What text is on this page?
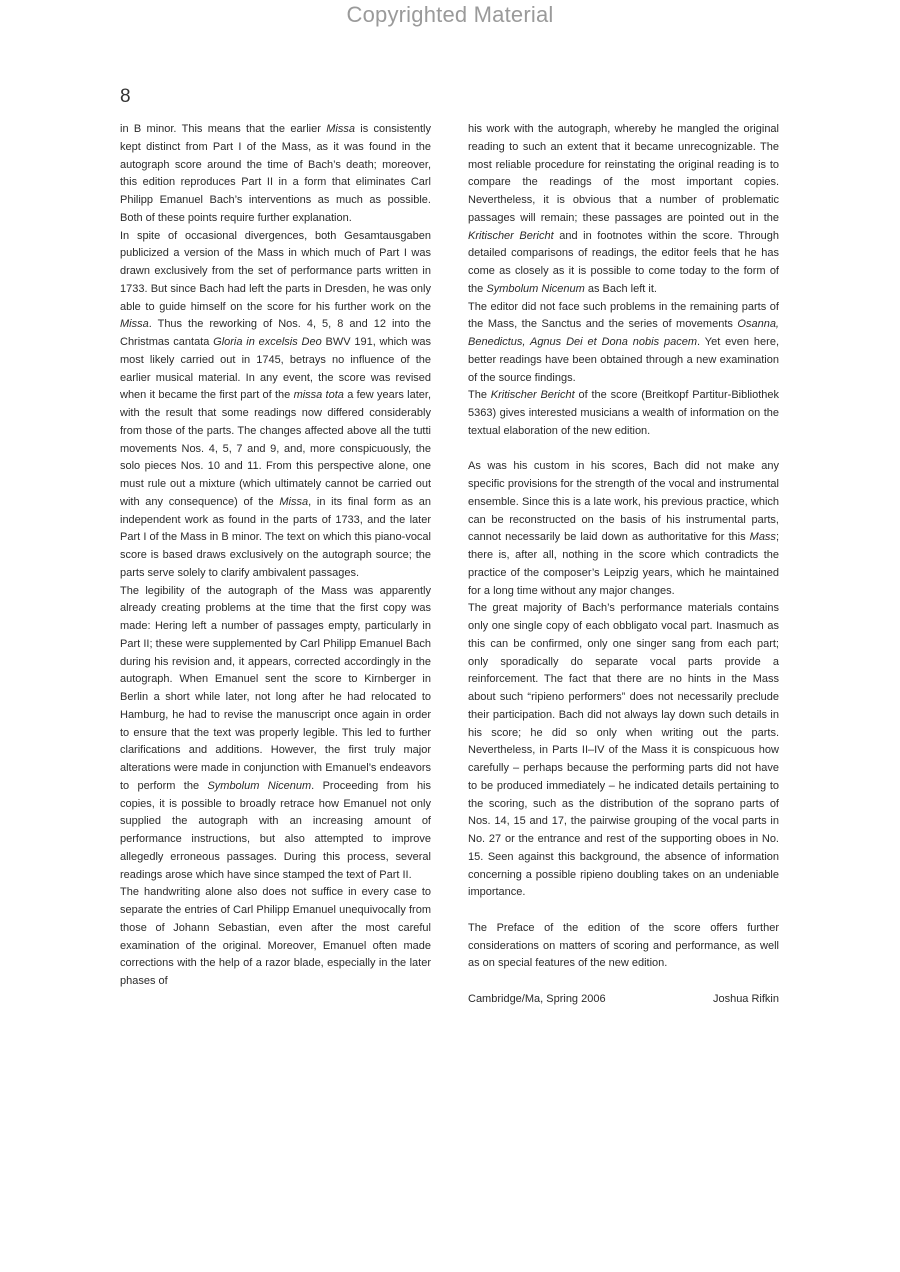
Copyrighted Material
8

in B minor. This means that the earlier Missa is consistently kept distinct from Part I of the Mass, as it was found in the autograph score around the time of Bach’s death; moreover, this edition reproduces Part II in a form that eliminates Carl Philipp Emanuel Bach’s interventions as much as possible. Both of these points require further explanation.

In spite of occasional divergences, both Gesamtausgaben publicized a version of the Mass in which much of Part I was drawn exclusively from the set of performance parts written in 1733. But since Bach had left the parts in Dresden, he was only able to guide himself on the score for his further work on the Missa. Thus the reworking of Nos. 4, 5, 8 and 12 into the Christmas cantata Gloria in excelsis Deo BWV 191, which was most likely carried out in 1745, betrays no influence of the earlier musical material. In any event, the score was revised when it became the first part of the missa tota a few years later, with the result that some readings now differed considerably from those of the parts. The changes affected above all the tutti movements Nos. 4, 5, 7 and 9, and, more conspicuously, the solo pieces Nos. 10 and 11. From this perspective alone, one must rule out a mixture (which ultimately cannot be carried out with any consequence) of the Missa, in its final form as an independent work as found in the parts of 1733, and the later Part I of the Mass in B minor. The text on which this piano-vocal score is based draws exclusively on the autograph source; the parts serve solely to clarify ambivalent passages.

The legibility of the autograph of the Mass was apparently already creating problems at the time that the first copy was made: Hering left a number of passages empty, particularly in Part II; these were supplemented by Carl Philipp Emanuel Bach during his revision and, it appears, corrected accordingly in the autograph. When Emanuel sent the score to Kirnberger in Berlin a short while later, not long after he had relocated to Hamburg, he had to revise the manuscript once again in order to ensure that the text was properly legible. This led to further clarifications and additions. However, the first truly major alterations were made in conjunction with Emanuel’s endeavors to perform the Symbolum Nicenum. Proceeding from his copies, it is possible to broadly retrace how Emanuel not only supplied the autograph with an increasing amount of performance instructions, but also attempted to improve allegedly erroneous passages. During this process, several readings arose which have since stamped the text of Part II.

The handwriting alone also does not suffice in every case to separate the entries of Carl Philipp Emanuel unequivocally from those of Johann Sebastian, even after the most careful examination of the original. Moreover, Emanuel often made corrections with the help of a razor blade, especially in the later phases of

his work with the autograph, whereby he mangled the original reading to such an extent that it became unrecognizable. The most reliable procedure for reinstating the original reading is to compare the readings of the most important copies. Nevertheless, it is obvious that a number of problematic passages will remain; these passages are pointed out in the Kritischer Bericht and in footnotes within the score. Through detailed comparisons of readings, the editor feels that he has come as closely as it is possible to come today to the form of the Symbolum Nicenum as Bach left it.

The editor did not face such problems in the remaining parts of the Mass, the Sanctus and the series of movements Osanna, Benedictus, Agnus Dei et Dona nobis pacem. Yet even here, better readings have been obtained through a new examination of the source findings.

The Kritischer Bericht of the score (Breitkopf Partitur-Bibliothek 5363) gives interested musicians a wealth of information on the textual elaboration of the new edition.

As was his custom in his scores, Bach did not make any specific provisions for the strength of the vocal and instrumental ensemble. Since this is a late work, his previous practice, which can be reconstructed on the basis of his instrumental parts, cannot necessarily be laid down as authoritative for this Mass; there is, after all, nothing in the score which contradicts the practice of the composer’s Leipzig years, which he maintained for a long time without any major changes.

The great majority of Bach’s performance materials contains only one single copy of each obbligato vocal part. Inasmuch as this can be confirmed, only one singer sang from each part; only sporadically do separate vocal parts provide a reinforcement. The fact that there are no hints in the Mass about such “ripieno performers” does not necessarily preclude their participation. Bach did not always lay down such details in his score; he did so only when writing out the parts. Nevertheless, in Parts II–IV of the Mass it is conspicuous how carefully – perhaps because the performing parts did not have to be produced immediately – he indicated details pertaining to the scoring, such as the distribution of the soprano parts of Nos. 14, 15 and 17, the pairwise grouping of the vocal parts in No. 27 or the entrance and rest of the supporting oboes in No. 15. Seen against this background, the absence of information concerning a possible ripieno doubling takes on an undeniable importance.

The Preface of the edition of the score offers further considerations on matters of scoring and performance, as well as on special features of the new edition.

Cambridge/Ma, Spring 2006	Joshua Rifkin
